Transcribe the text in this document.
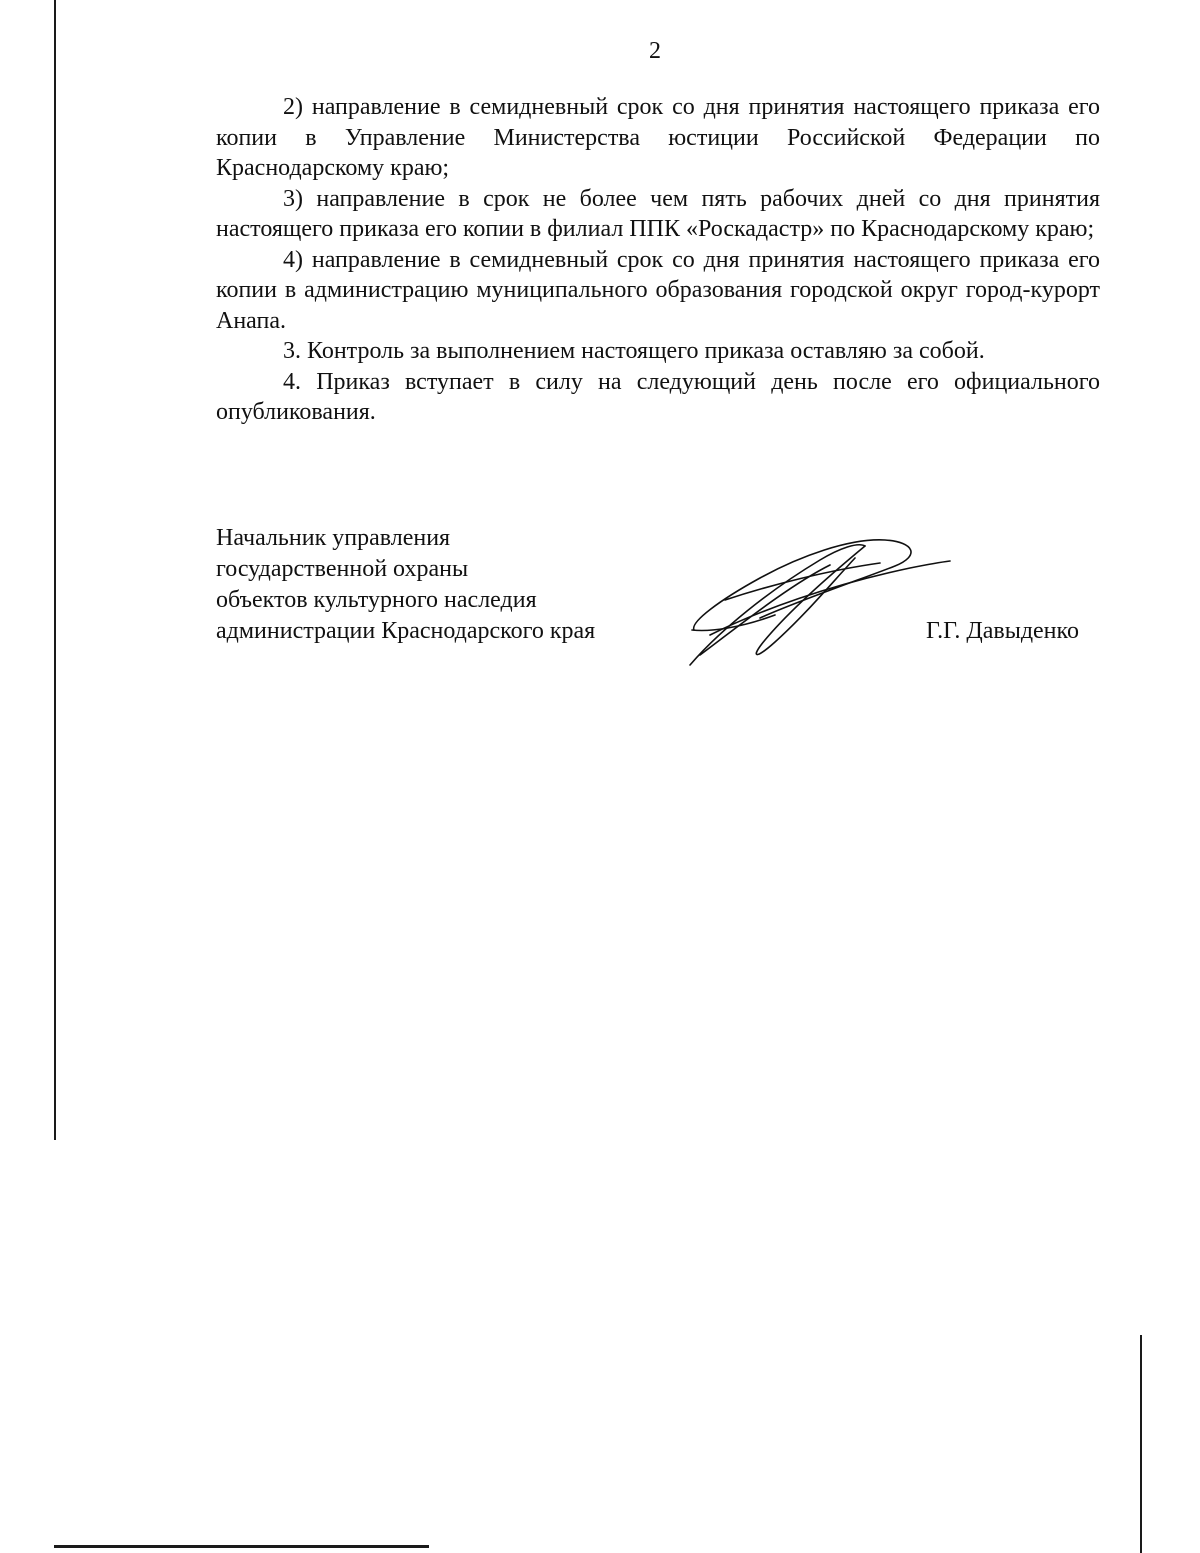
2

2) направление в семидневный срок со дня принятия настоящего приказа его копии в Управление Министерства юстиции Российской Федерации по Краснодарскому краю;

3) направление в срок не более чем пять рабочих дней со дня принятия настоящего приказа его копии в филиал ППК «Роскадастр» по Краснодарскому краю;

4) направление в семидневный срок со дня принятия настоящего приказа его копии в администрацию муниципального образования городской округ город-курорт Анапа.

3. Контроль за выполнением настоящего приказа оставляю за собой.

4. Приказ вступает в силу на следующий день после его официального опубликования.

Начальник управления
государственной охраны
объектов культурного наследия
администрации Краснодарского края	Г.Г. Давыденко
